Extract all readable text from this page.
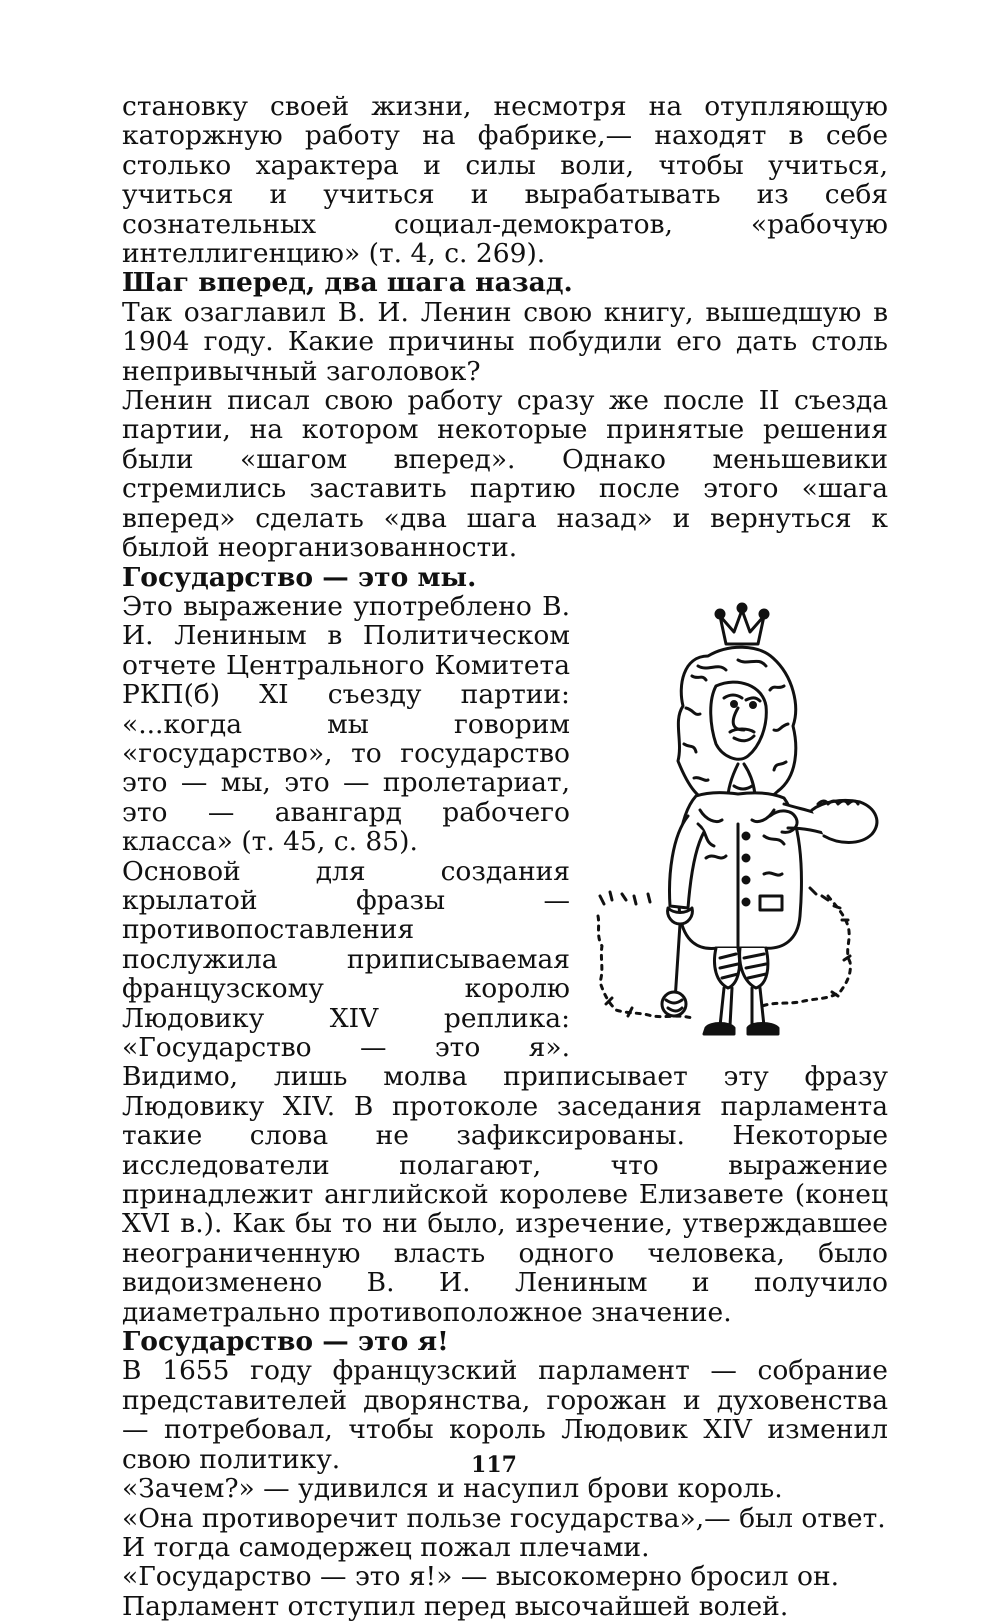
становку своей жизни, несмотря на отупляющую каторжную работу на фабрике,— находят в себе столько характера и силы воли, чтобы учиться, учиться и учиться и вырабатывать из себя сознательных социал-демократов, «рабочую интеллигенцию» (т. 4, с. 269).

Шаг вперед, два шага назад.

Так озаглавил В. И. Ленин свою книгу, вышедшую в 1904 году. Какие причины побудили его дать столь непривычный заголовок?

Ленин писал свою работу сразу же после II съезда партии, на котором некоторые принятые решения были «шагом вперед». Однако меньшевики стремились заставить партию после этого «шага вперед» сделать «два шага назад» и вернуться к былой неорганизованности.

Государство — это мы.

Это выражение употреблено В. И. Лениным в Политическом отчете Центрального Комитета РКП(б) XI съезду партии: «...когда мы говорим «государство», то государство это — мы, это — пролетариат, это — авангард рабочего класса» (т. 45, с. 85).

Основой для создания крылатой фразы — противопоставления послужила приписываемая французскому королю Людовику XIV реплика: «Государство — это я». Видимо, лишь молва приписывает эту фразу Людовику XIV. В протоколе заседания парламента такие слова не зафиксированы. Некоторые исследователи полагают, что выражение принадлежит английской королеве Елизавете (конец XVI в.). Как бы то ни было, изречение, утверждавшее неограниченную власть одного человека, было видоизменено В. И. Лениным и получило диаметрально противоположное значение.

Государство — это я!

В 1655 году французский парламент — собрание представителей дворянства, горожан и духовенства — потребовал, чтобы король Людовик XIV изменил свою политику.

«Зачем?» — удивился и насупил брови король.

«Она противоречит пользе государства»,— был ответ.

И тогда самодержец пожал плечами.

«Государство — это я!» — высокомерно бросил он.

Парламент отступил перед высочайшей волей.

117
